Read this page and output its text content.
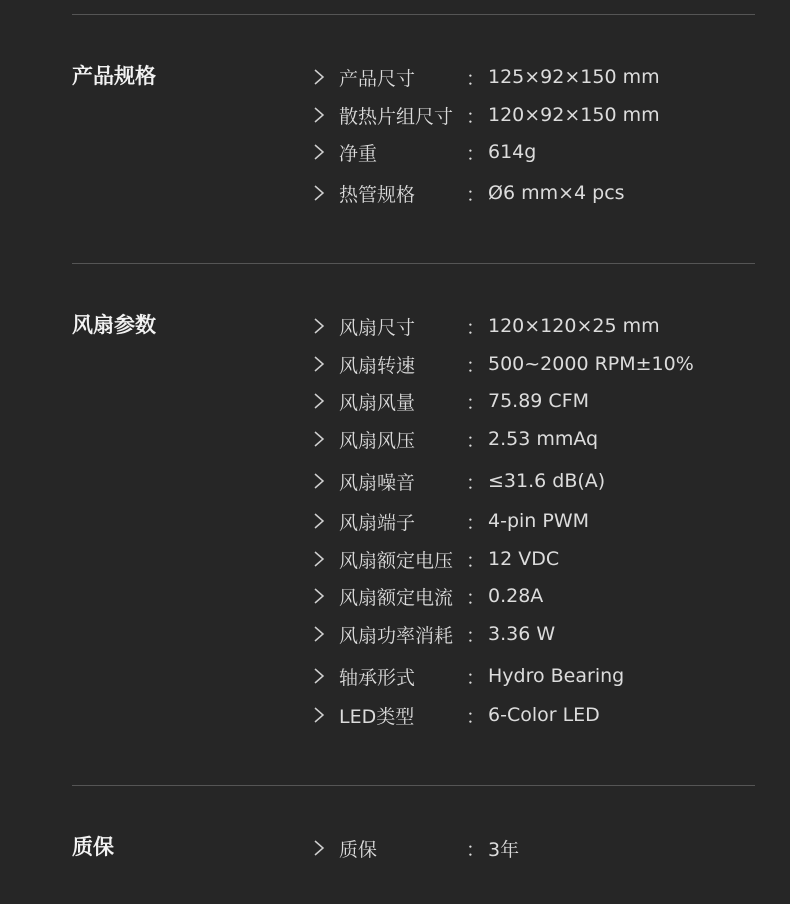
产品规格	产品尺寸	： 125×92×150 mm
散热片组尺寸 ： 120×92×150 mm
净重	： 614g
热管规格	： Ø6 mm×4 pcs
风扇参数	风扇尺寸	： 120×120×25 mm
风扇转速	： 500~2000 RPM±10%
风扇风量	： 75.89 CFM
风扇风压	： 2.53 mmAq
风扇噪音	： ≤31.6 dB(A)
风扇端子	： 4-pin PWM
风扇额定电压 ： 12 VDC
风扇额定电流 ： 0.28A
风扇功率消耗 ： 3.36 W
轴承形式	： Hydro Bearing
LED类型	： 6-Color LED
质保	质保	： 3年
